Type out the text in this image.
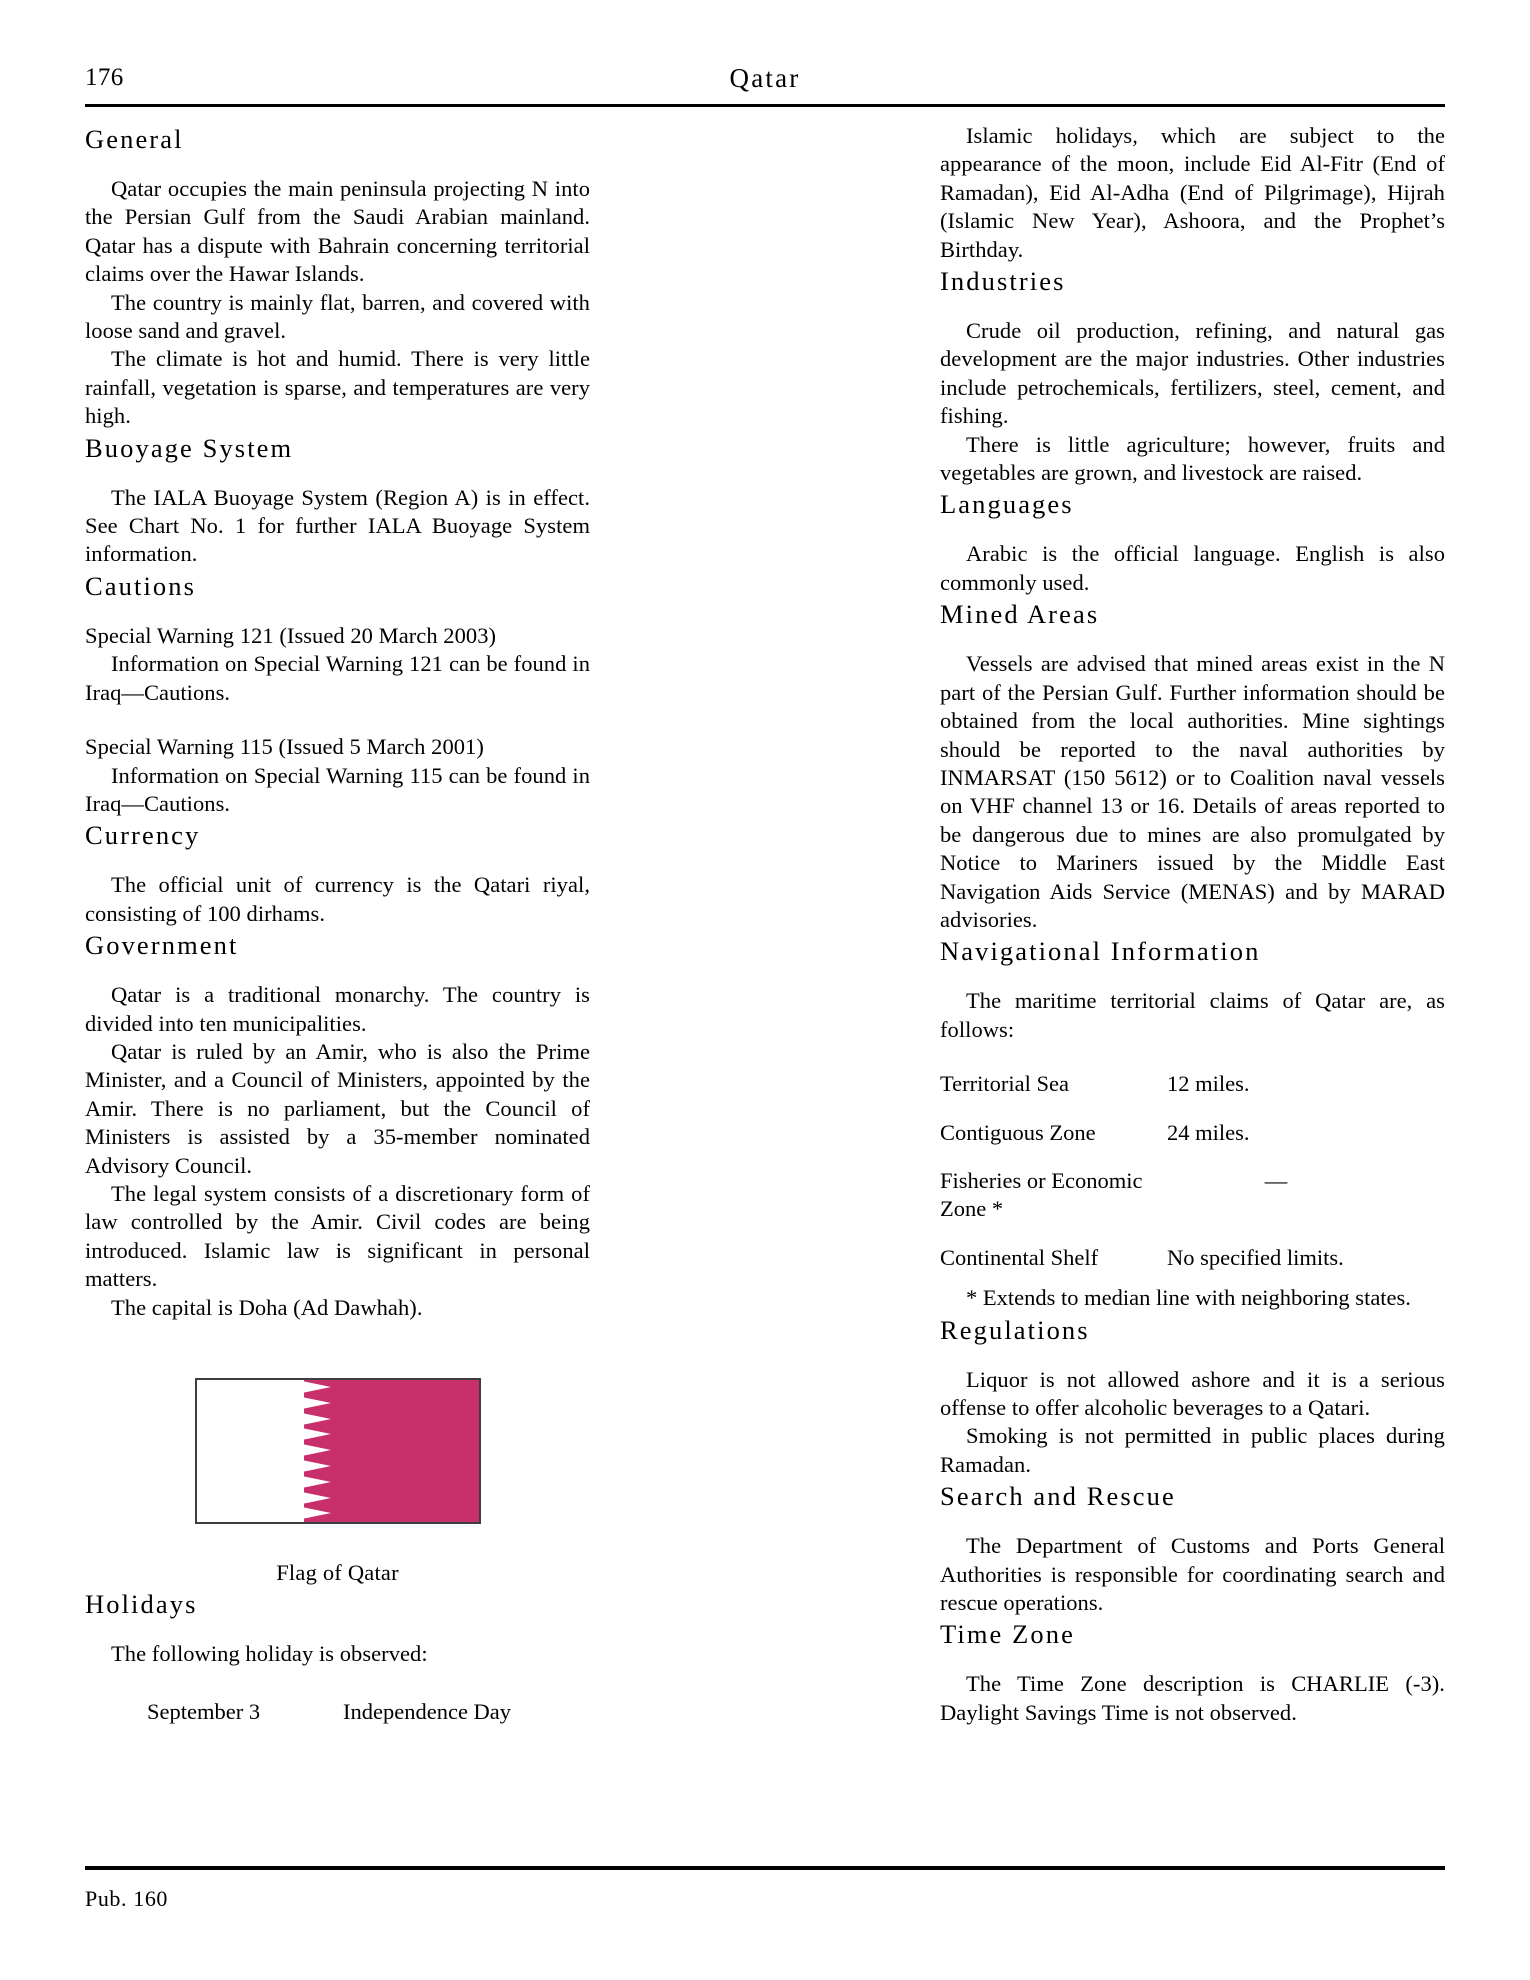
176	Qatar
General

Qatar occupies the main peninsula projecting N into the Persian Gulf from the Saudi Arabian mainland. Qatar has a dispute with Bahrain concerning territorial claims over the Hawar Islands.

The country is mainly flat, barren, and covered with loose sand and gravel.

The climate is hot and humid. There is very little rainfall, vegetation is sparse, and temperatures are very high.

Buoyage System

The IALA Buoyage System (Region A) is in effect. See Chart No. 1 for further IALA Buoyage System information.

Cautions

Special Warning 121 (Issued 20 March 2003)

Information on Special Warning 121 can be found in Iraq—Cautions.

Special Warning 115 (Issued 5 March 2001)

Information on Special Warning 115 can be found in Iraq—Cautions.

Currency

The official unit of currency is the Qatari riyal, consisting of 100 dirhams.

Government

Qatar is a traditional monarchy. The country is divided into ten municipalities.

Qatar is ruled by an Amir, who is also the Prime Minister, and a Council of Ministers, appointed by the Amir. There is no parliament, but the Council of Ministers is assisted by a 35-member nominated Advisory Council.

The legal system consists of a discretionary form of law controlled by the Amir. Civil codes are being introduced. Islamic law is significant in personal matters.

The capital is Doha (Ad Dawhah).

Flag of Qatar
Holidays

The following holiday is observed:

September 3	Independence Day

Islamic holidays, which are subject to the appearance of the moon, include Eid Al-Fitr (End of Ramadan), Eid Al-Adha (End of Pilgrimage), Hijrah (Islamic New Year), Ashoora, and the Prophet’s Birthday.

Industries

Crude oil production, refining, and natural gas development are the major industries. Other industries include petrochemicals, fertilizers, steel, cement, and fishing.

There is little agriculture; however, fruits and vegetables are grown, and livestock are raised.

Languages

Arabic is the official language. English is also commonly used.

Mined Areas

Vessels are advised that mined areas exist in the N part of the Persian Gulf. Further information should be obtained from the local authorities. Mine sightings should be reported to the naval authorities by INMARSAT (150 5612) or to Coalition naval vessels on VHF channel 13 or 16. Details of areas reported to be dangerous due to mines are also promulgated by Notice to Mariners issued by the Middle East Navigation Aids Service (MENAS) and by MARAD advisories.

Navigational Information

The maritime territorial claims of Qatar are, as follows:

Territorial Sea	12 miles.
Contiguous Zone	24 miles.
Fisheries or Economic Zone *	—
Continental Shelf	No specified limits.

* Extends to median line with neighboring states.

Regulations

Liquor is not allowed ashore and it is a serious offense to offer alcoholic beverages to a Qatari.

Smoking is not permitted in public places during Ramadan.

Search and Rescue

The Department of Customs and Ports General Authorities is responsible for coordinating search and rescue operations.

Time Zone

The Time Zone description is CHARLIE (-3). Daylight Savings Time is not observed.

Pub. 160
